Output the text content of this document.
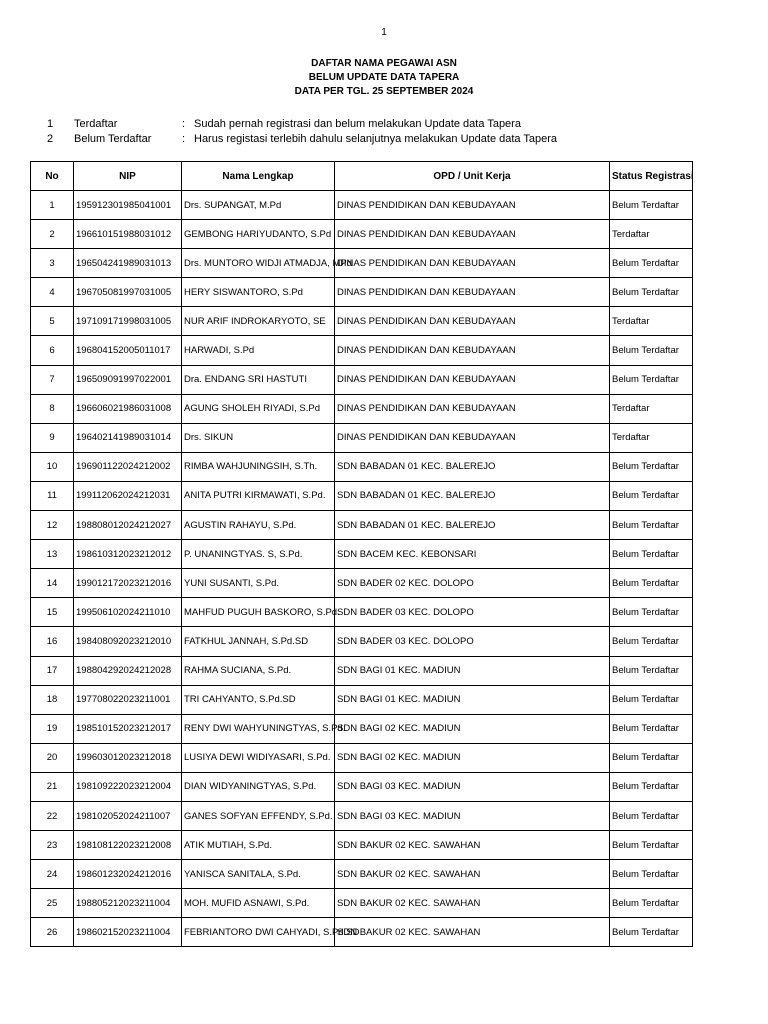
1
DAFTAR NAMA PEGAWAI ASN
BELUM UPDATE DATA TAPERA
DATA PER TGL. 25 SEPTEMBER 2024
1	Terdaftar	: Sudah pernah registrasi dan belum melakukan Update data Tapera
2	Belum Terdaftar	: Harus registasi terlebih dahulu selanjutnya melakukan Update data Tapera
No	NIP	Nama Lengkap	OPD / Unit Kerja	Status Registrasi
1	195912301985041001	Drs. SUPANGAT, M.Pd	DINAS PENDIDIKAN DAN KEBUDAYAAN	Belum Terdaftar
2	196610151988031012	GEMBONG HARIYUDANTO, S.Pd	DINAS PENDIDIKAN DAN KEBUDAYAAN	Terdaftar
3	196504241989031013	Drs. MUNTORO WIDJI ATMADJA, MPd	DINAS PENDIDIKAN DAN KEBUDAYAAN	Belum Terdaftar
4	196705081997031005	HERY SISWANTORO, S.Pd	DINAS PENDIDIKAN DAN KEBUDAYAAN	Belum Terdaftar
5	197109171998031005	NUR ARIF INDROKARYOTO, SE	DINAS PENDIDIKAN DAN KEBUDAYAAN	Terdaftar
6	196804152005011017	HARWADI, S.Pd	DINAS PENDIDIKAN DAN KEBUDAYAAN	Belum Terdaftar
7	196509091997022001	Dra. ENDANG SRI HASTUTI	DINAS PENDIDIKAN DAN KEBUDAYAAN	Belum Terdaftar
8	196606021986031008	AGUNG SHOLEH RIYADI, S.Pd	DINAS PENDIDIKAN DAN KEBUDAYAAN	Terdaftar
9	196402141989031014	Drs. SIKUN	DINAS PENDIDIKAN DAN KEBUDAYAAN	Terdaftar
10	196901122024212002	RIMBA WAHJUNINGSIH, S.Th.	SDN BABADAN 01 KEC. BALEREJO	Belum Terdaftar
11	199112062024212031	ANITA PUTRI KIRMAWATI, S.Pd.	SDN BABADAN 01 KEC. BALEREJO	Belum Terdaftar
12	198808012024212027	AGUSTIN RAHAYU, S.Pd.	SDN BABADAN 01 KEC. BALEREJO	Belum Terdaftar
13	198610312023212012	P. UNANINGTYAS. S, S.Pd.	SDN BACEM KEC. KEBONSARI	Belum Terdaftar
14	199012172023212016	YUNI SUSANTI, S.Pd.	SDN BADER 02 KEC. DOLOPO	Belum Terdaftar
15	199506102024211010	MAHFUD PUGUH BASKORO, S.Pd.	SDN BADER 03 KEC. DOLOPO	Belum Terdaftar
16	198408092023212010	FATKHUL JANNAH, S.Pd.SD	SDN BADER 03 KEC. DOLOPO	Belum Terdaftar
17	198804292024212028	RAHMA SUCIANA, S.Pd.	SDN BAGI 01 KEC. MADIUN	Belum Terdaftar
18	197708022023211001	TRI CAHYANTO, S.Pd.SD	SDN BAGI 01 KEC. MADIUN	Belum Terdaftar
19	198510152023212017	RENY DWI WAHYUNINGTYAS, S.Pd.	SDN BAGI 02 KEC. MADIUN	Belum Terdaftar
20	199603012023212018	LUSIYA DEWI WIDIYASARI, S.Pd.	SDN BAGI 02 KEC. MADIUN	Belum Terdaftar
21	198109222023212004	DIAN WIDYANINGTYAS, S.Pd.	SDN BAGI 03 KEC. MADIUN	Belum Terdaftar
22	198102052024211007	GANES SOFYAN EFFENDY, S.Pd.	SDN BAGI 03 KEC. MADIUN	Belum Terdaftar
23	198108122023212008	ATIK MUTIAH, S.Pd.	SDN BAKUR 02 KEC. SAWAHAN	Belum Terdaftar
24	198601232024212016	YANISCA SANITALA, S.Pd.	SDN BAKUR 02 KEC. SAWAHAN	Belum Terdaftar
25	198805212023211004	MOH. MUFID ASNAWI, S.Pd.	SDN BAKUR 02 KEC. SAWAHAN	Belum Terdaftar
26	198602152023211004	FEBRIANTORO DWI CAHYADI, S.Pd.SD	SDN BAKUR 02 KEC. SAWAHAN	Belum Terdaftar
